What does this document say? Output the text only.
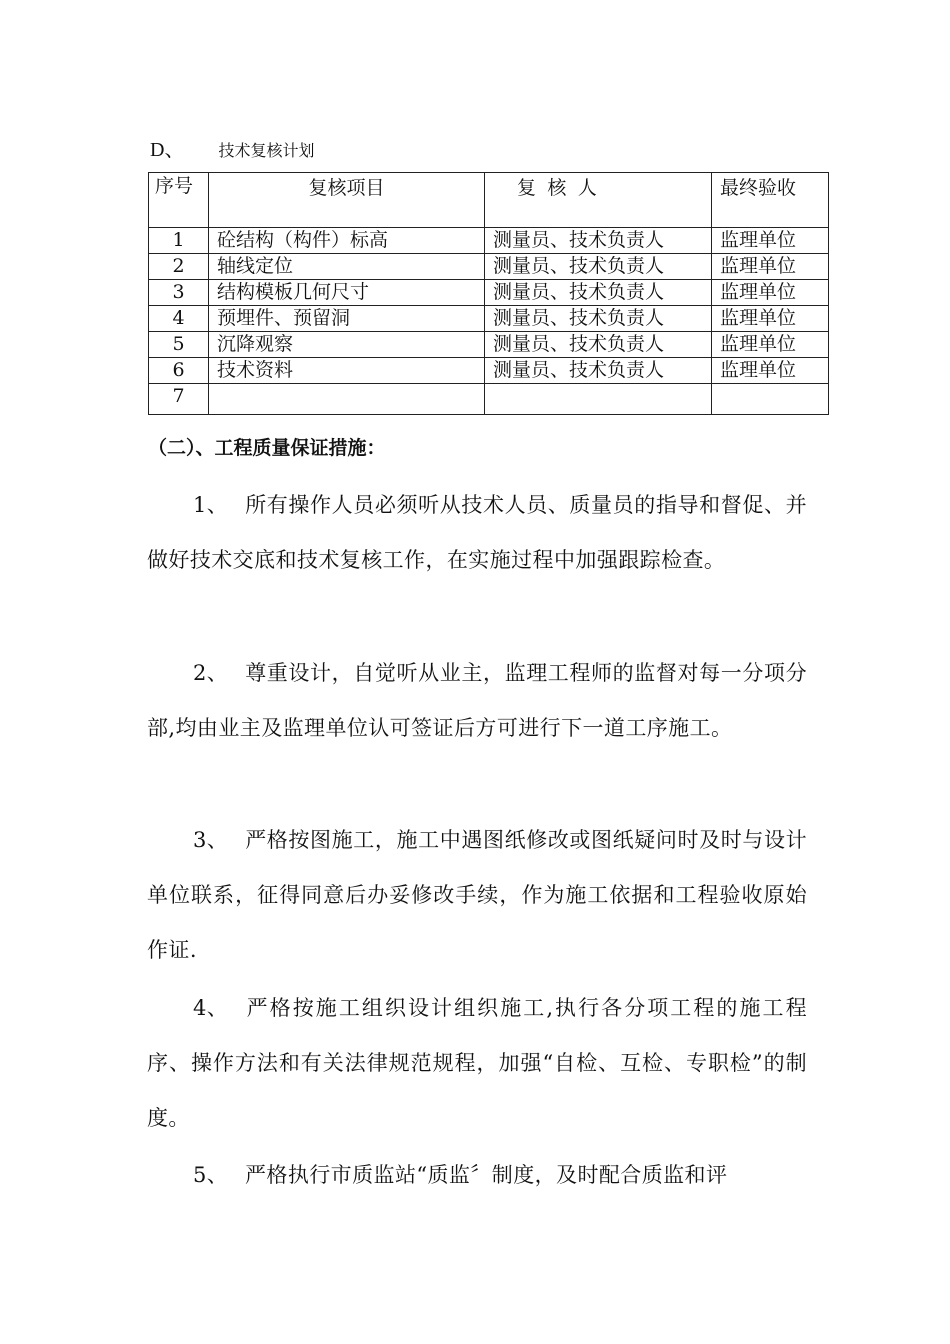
D、 技术复核计划
序号	复核项目	复核人	最终验收
1	砼结构（构件）标高	测量员、技术负责人	监理单位
2	轴线定位	测量员、技术负责人	监理单位
3	结构模板几何尺寸	测量员、技术负责人	监理单位
4	预埋件、预留洞	测量员、技术负责人	监理单位
5	沉降观察	测量员、技术负责人	监理单位
6	技术资料	测量员、技术负责人	监理单位
7			
（二）、工程质量保证措施：

1、 所有操作人员必须听从技术人员、质量员的指导和督促、并做好技术交底和技术复核工作，在实施过程中加强跟踪检查。

2、 尊重设计，自觉听从业主，监理工程师的监督对每一分项分部,均由业主及监理单位认可签证后方可进行下一道工序施工。

3、 严格按图施工，施工中遇图纸修改或图纸疑问时及时与设计单位联系，征得同意后办妥修改手续，作为施工依据和工程验收原始作证.

4、 严格按施工组织设计组织施工,执行各分项工程的施工程序、操作方法和有关法律规范规程，加强“自检、互检、专职检”的制度。

5、 严格执行市质监站“质监〞制度，及时配合质监和评
